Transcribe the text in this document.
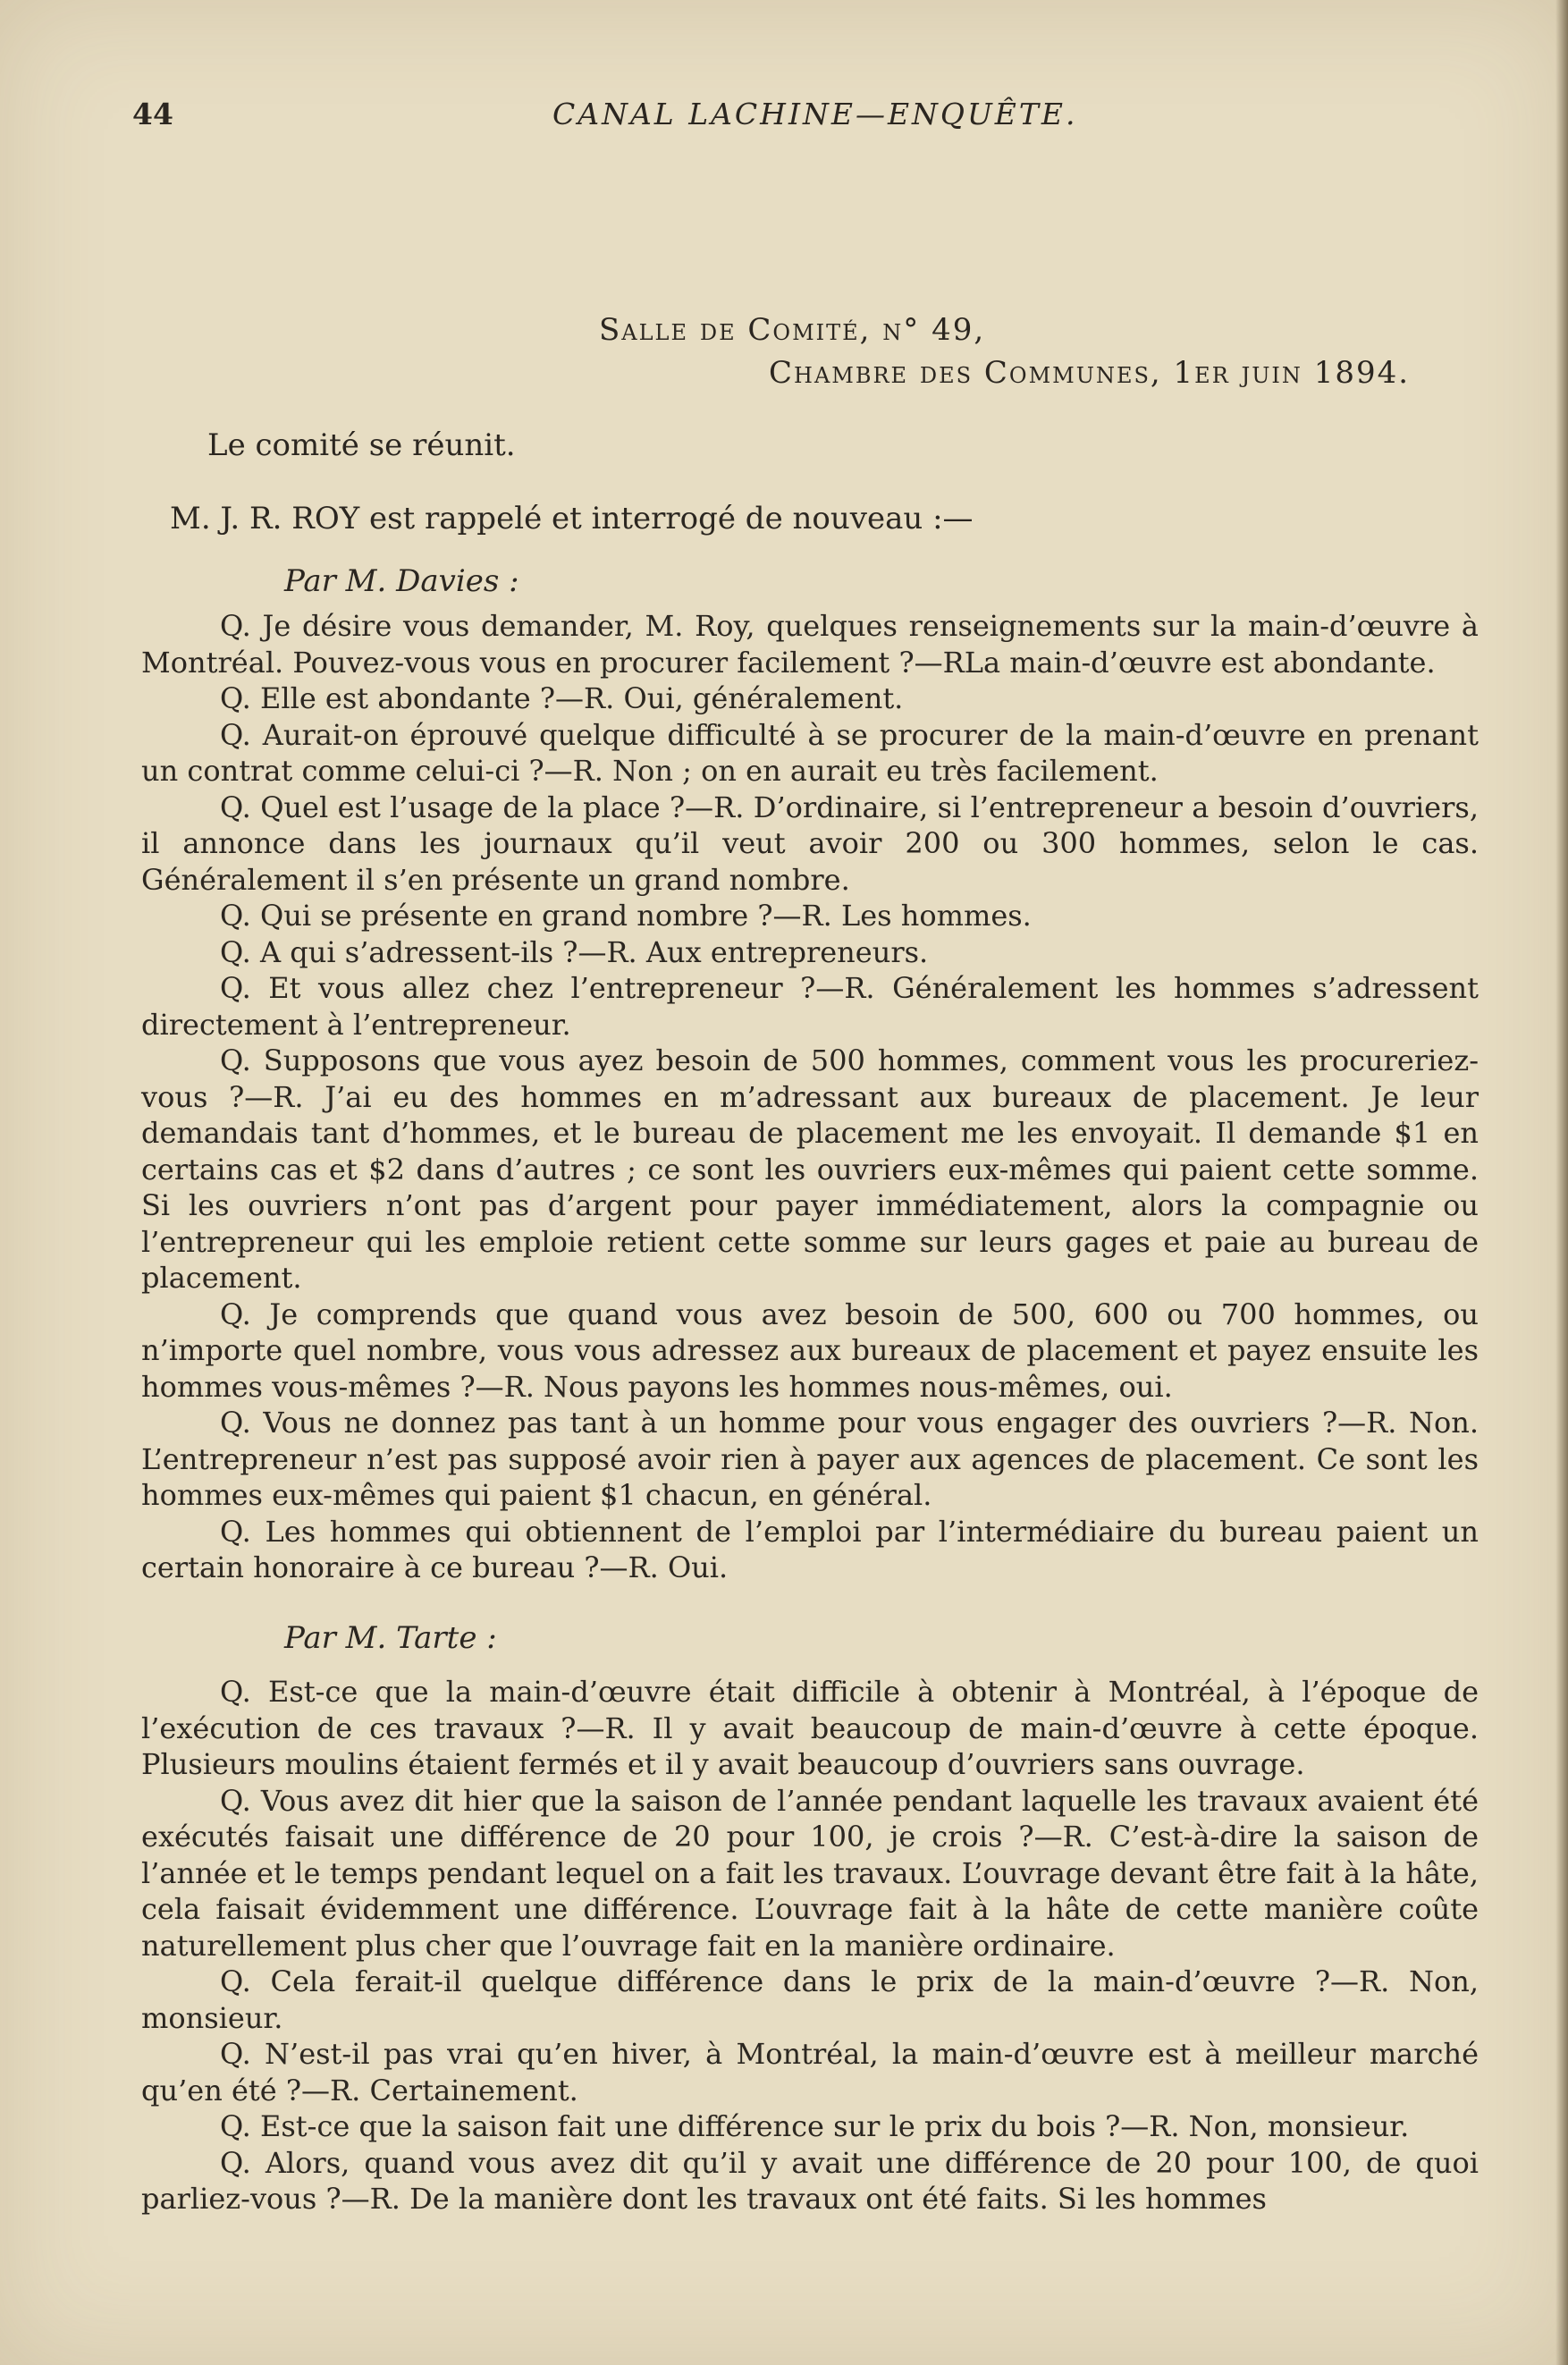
44	CANAL LACHINE—ENQUÊTE.
Salle de Comité, n° 49,
Chambre des Communes, 1er juin 1894.
Le comité se réunit.
M. J. R. ROY est rappelé et interrogé de nouveau :—
Par M. Davies :

Q. Je désire vous demander, M. Roy, quelques renseignements sur la main-d’œuvre à Montréal. Pouvez-vous vous en procurer facilement ?—RLa main-d’œuvre est abondante.

Q. Elle est abondante ?—R. Oui, généralement.

Q. Aurait-on éprouvé quelque difficulté à se procurer de la main-d’œuvre en prenant un contrat comme celui-ci ?—R. Non ; on en aurait eu très facilement.

Q. Quel est l’usage de la place ?—R. D’ordinaire, si l’entrepreneur a besoin d’ouvriers, il annonce dans les journaux qu’il veut avoir 200 ou 300 hommes, selon le cas. Généralement il s’en présente un grand nombre.

Q. Qui se présente en grand nombre ?—R. Les hommes.

Q. A qui s’adressent-ils ?—R. Aux entrepreneurs.

Q. Et vous allez chez l’entrepreneur ?—R. Généralement les hommes s’adressent directement à l’entrepreneur.

Q. Supposons que vous ayez besoin de 500 hommes, comment vous les procureriez-vous ?—R. J’ai eu des hommes en m’adressant aux bureaux de placement. Je leur demandais tant d’hommes, et le bureau de placement me les envoyait. Il demande $1 en certains cas et $2 dans d’autres ; ce sont les ouvriers eux-mêmes qui paient cette somme. Si les ouvriers n’ont pas d’argent pour payer immédiatement, alors la compagnie ou l’entrepreneur qui les emploie retient cette somme sur leurs gages et paie au bureau de placement.

Q. Je comprends que quand vous avez besoin de 500, 600 ou 700 hommes, ou n’importe quel nombre, vous vous adressez aux bureaux de placement et payez ensuite les hommes vous-mêmes ?—R. Nous payons les hommes nous-mêmes, oui.

Q. Vous ne donnez pas tant à un homme pour vous engager des ouvriers ?—R. Non. L’entrepreneur n’est pas supposé avoir rien à payer aux agences de placement. Ce sont les hommes eux-mêmes qui paient $1 chacun, en général.

Q. Les hommes qui obtiennent de l’emploi par l’intermédiaire du bureau paient un certain honoraire à ce bureau ?—R. Oui.

Par M. Tarte :

Q. Est-ce que la main-d’œuvre était difficile à obtenir à Montréal, à l’époque de l’exécution de ces travaux ?—R. Il y avait beaucoup de main-d’œuvre à cette époque. Plusieurs moulins étaient fermés et il y avait beaucoup d’ouvriers sans ouvrage.

Q. Vous avez dit hier que la saison de l’année pendant laquelle les travaux avaient été exécutés faisait une différence de 20 pour 100, je crois ?—R. C’est-à-dire la saison de l’année et le temps pendant lequel on a fait les travaux. L’ouvrage devant être fait à la hâte, cela faisait évidemment une différence. L’ouvrage fait à la hâte de cette manière coûte naturellement plus cher que l’ouvrage fait en la manière ordinaire.

Q. Cela ferait-il quelque différence dans le prix de la main-d’œuvre ?—R. Non, monsieur.

Q. N’est-il pas vrai qu’en hiver, à Montréal, la main-d’œuvre est à meilleur marché qu’en été ?—R. Certainement.

Q. Est-ce que la saison fait une différence sur le prix du bois ?—R. Non, monsieur.

Q. Alors, quand vous avez dit qu’il y avait une différence de 20 pour 100, de quoi parliez-vous ?—R. De la manière dont les travaux ont été faits. Si les hommes
